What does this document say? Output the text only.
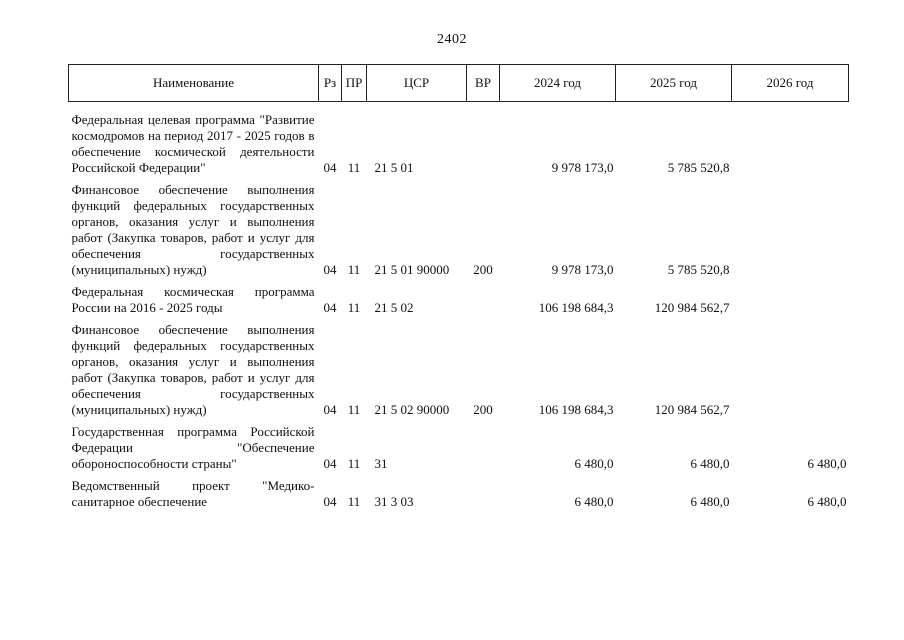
2402
Наименование	Рз	ПР	ЦСР	ВР	2024 год	2025 год	2026 год
Федеральная целевая программа "Развитие космодромов на период 2017 - 2025 годов в обеспечение космической деятельности Российской Федерации"	04	11	21 5 01		9 978 173,0	5 785 520,8	
Финансовое обеспечение выполнения функций федеральных государственных органов, оказания услуг и выполнения работ (Закупка товаров, работ и услуг для обеспечения государственных (муниципальных) нужд)	04	11	21 5 01 90000	200	9 978 173,0	5 785 520,8	
Федеральная космическая программа России на 2016 - 2025 годы	04	11	21 5 02		106 198 684,3	120 984 562,7	
Финансовое обеспечение выполнения функций федеральных государственных органов, оказания услуг и выполнения работ (Закупка товаров, работ и услуг для обеспечения государственных (муниципальных) нужд)	04	11	21 5 02 90000	200	106 198 684,3	120 984 562,7	
Государственная программа Российской Федерации "Обеспечение обороноспособности страны"	04	11	31		6 480,0	6 480,0	6 480,0
Ведомственный проект "Медико-санитарное обеспечение	04	11	31 3 03		6 480,0	6 480,0	6 480,0
